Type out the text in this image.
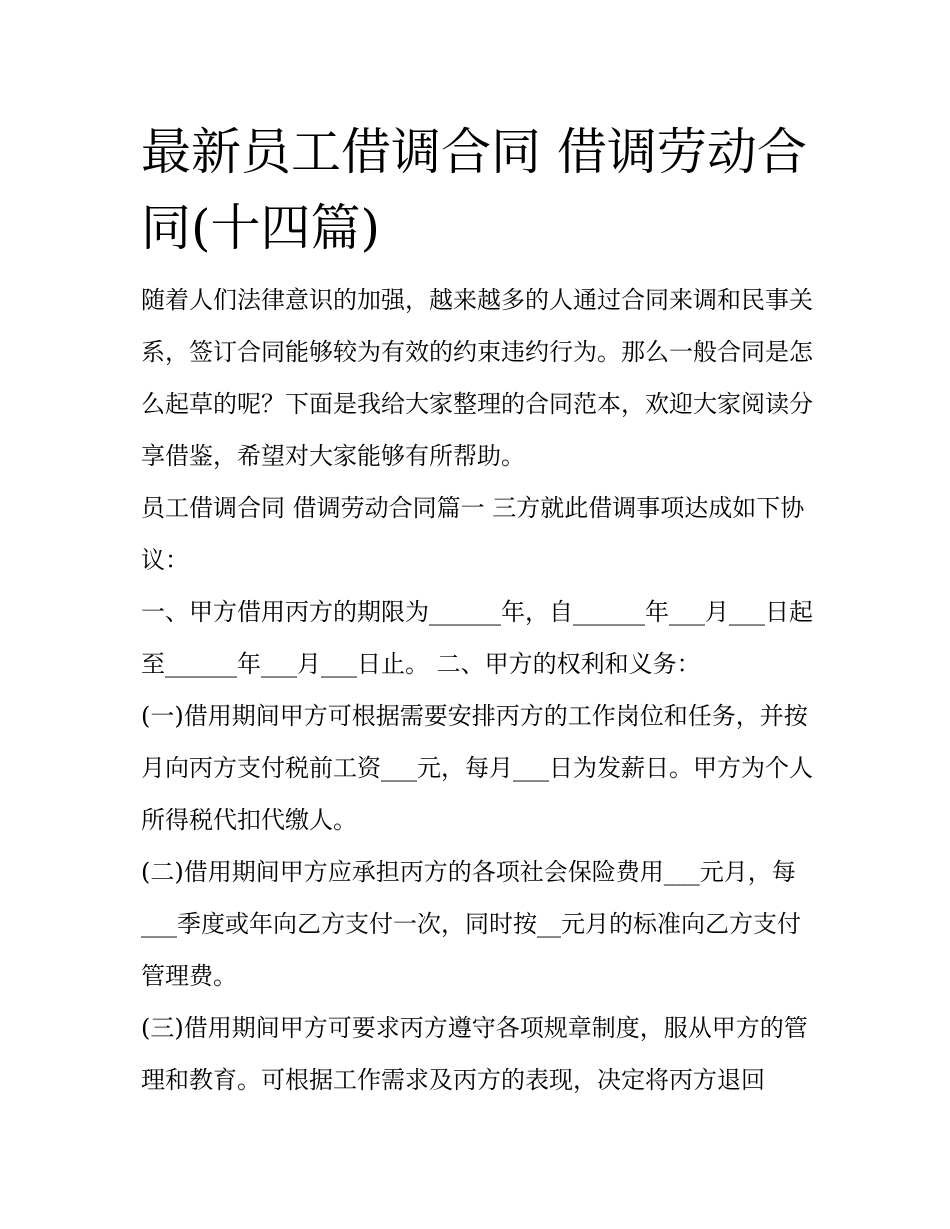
最新员工借调合同 借调劳动合同(十四篇)

随着人们法律意识的加强，越来越多的人通过合同来调和民事关系，签订合同能够较为有效的约束违约行为。那么一般合同是怎么起草的呢？下面是我给大家整理的合同范本，欢迎大家阅读分享借鉴，希望对大家能够有所帮助。

员工借调合同 借调劳动合同篇一 三方就此借调事项达成如下协议：

一、甲方借用丙方的期限为______年，自______年___月___日起至______年___月___日止。 二、甲方的权利和义务：

(一)借用期间甲方可根据需要安排丙方的工作岗位和任务，并按月向丙方支付税前工资___元，每月___日为发薪日。甲方为个人所得税代扣代缴人。

(二)借用期间甲方应承担丙方的各项社会保险费用___元月，每___季度或年向乙方支付一次，同时按__元月的标准向乙方支付管理费。

(三)借用期间甲方可要求丙方遵守各项规章制度，服从甲方的管理和教育。可根据工作需求及丙方的表现，决定将丙方退回
